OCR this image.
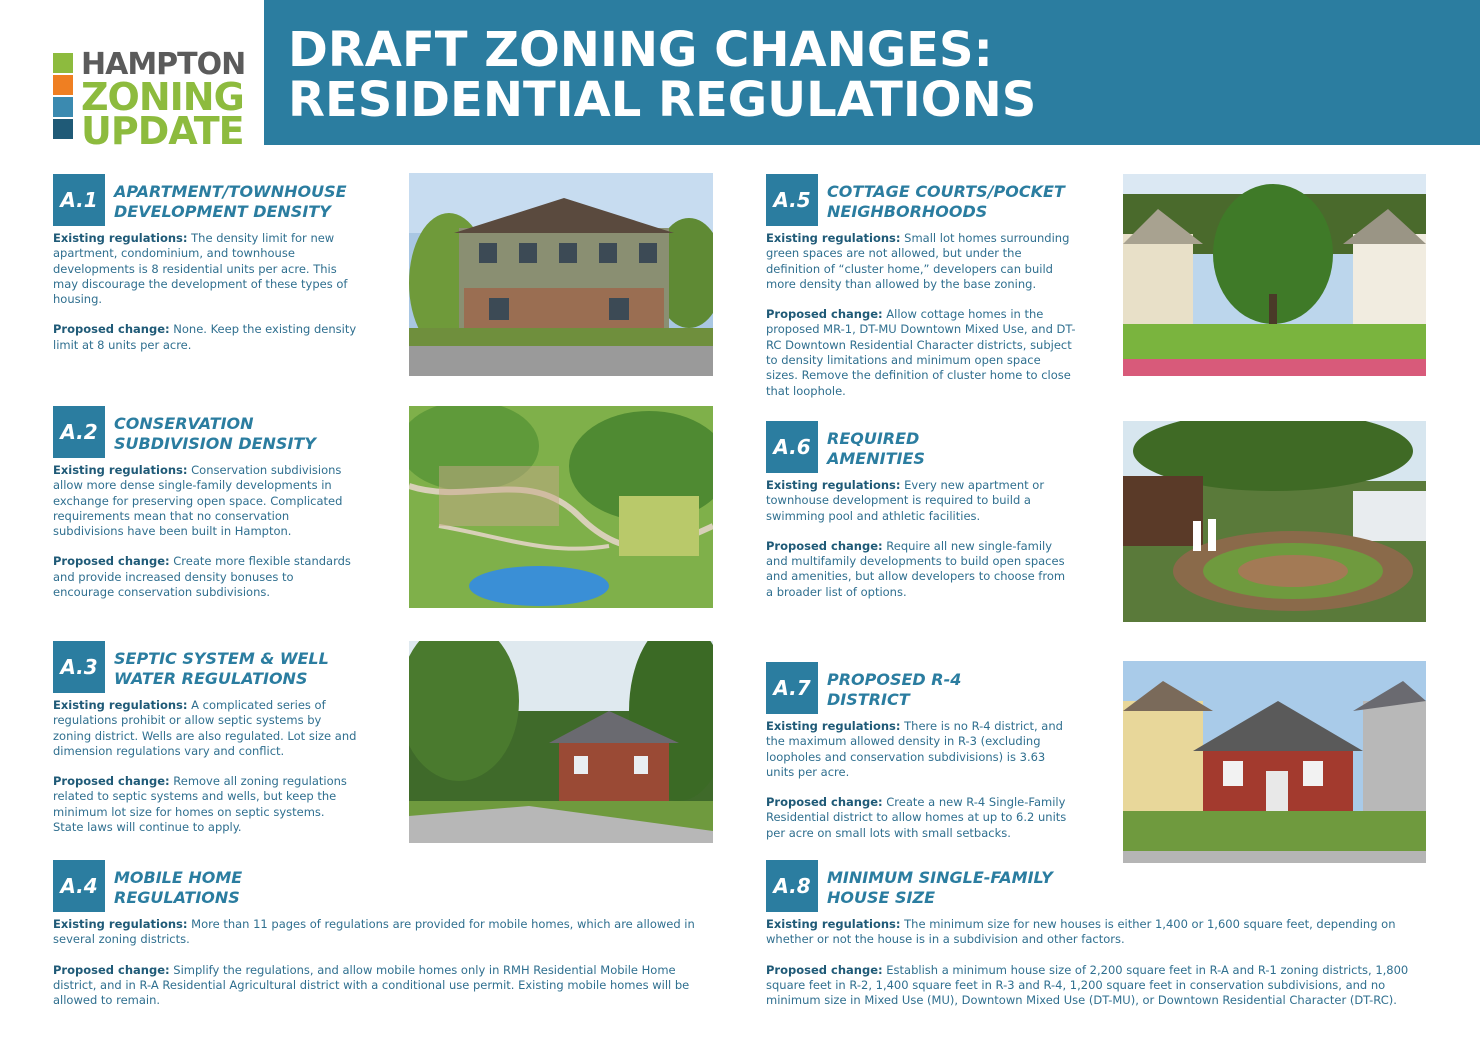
HAMPTON
ZONING
UPDATE
DRAFT ZONING CHANGES:
RESIDENTIAL REGULATIONS
A.1	APARTMENT/TOWNHOUSE
DEVELOPMENT DENSITY

Existing regulations: The density limit for new apartment, condominium, and townhouse developments is 8 residential units per acre. This may discourage the development of these types of housing.

Proposed change: None. Keep the existing density limit at 8 units per acre.

A.2	CONSERVATION
SUBDIVISION DENSITY

Existing regulations: Conservation subdivisions allow more dense single-family developments in exchange for preserving open space. Complicated requirements mean that no conservation subdivisions have been built in Hampton.

Proposed change: Create more flexible standards and provide increased density bonuses to encourage conservation subdivisions.

A.3	SEPTIC SYSTEM & WELL
WATER REGULATIONS

Existing regulations: A complicated series of regulations prohibit or allow septic systems by zoning district. Wells are also regulated. Lot size and dimension regulations vary and conflict.

Proposed change: Remove all zoning regulations related to septic systems and wells, but keep the minimum lot size for homes on septic systems. State laws will continue to apply.

A.4	MOBILE HOME
REGULATIONS

Existing regulations: More than 11 pages of regulations are provided for mobile homes, which are allowed in several zoning districts.

Proposed change: Simplify the regulations, and allow mobile homes only in RMH Residential Mobile Home district, and in R-A Residential Agricultural district with a conditional use permit. Existing mobile homes will be allowed to remain.

A.5	COTTAGE COURTS/POCKET
NEIGHBORHOODS

Existing regulations: Small lot homes surrounding green spaces are not allowed, but under the definition of “cluster home,” developers can build more density than allowed by the base zoning.

Proposed change: Allow cottage homes in the proposed MR-1, DT-MU Downtown Mixed Use, and DT-RC Downtown Residential Character districts, subject to density limitations and minimum open space sizes. Remove the definition of cluster home to close that loophole.

A.6	REQUIRED
AMENITIES

Existing regulations: Every new apartment or townhouse development is required to build a swimming pool and athletic facilities.

Proposed change: Require all new single-family and multifamily developments to build open spaces and amenities, but allow developers to choose from a broader list of options.

A.7	PROPOSED R-4
DISTRICT

Existing regulations: There is no R-4 district, and the maximum allowed density in R-3 (excluding loopholes and conservation subdivisions) is 3.63 units per acre.

Proposed change: Create a new R-4 Single-Family Residential district to allow homes at up to 6.2 units per acre on small lots with small setbacks.

A.8	MINIMUM SINGLE-FAMILY
HOUSE SIZE

Existing regulations: The minimum size for new houses is either 1,400 or 1,600 square feet, depending on whether or not the house is in a subdivision and other factors.

Proposed change: Establish a minimum house size of 2,200 square feet in R-A and R-1 zoning districts, 1,800 square feet in R-2, 1,400 square feet in R-3 and R-4, 1,200 square feet in conservation subdivisions, and no minimum size in Mixed Use (MU), Downtown Mixed Use (DT-MU), or Downtown Residential Character (DT-RC).
